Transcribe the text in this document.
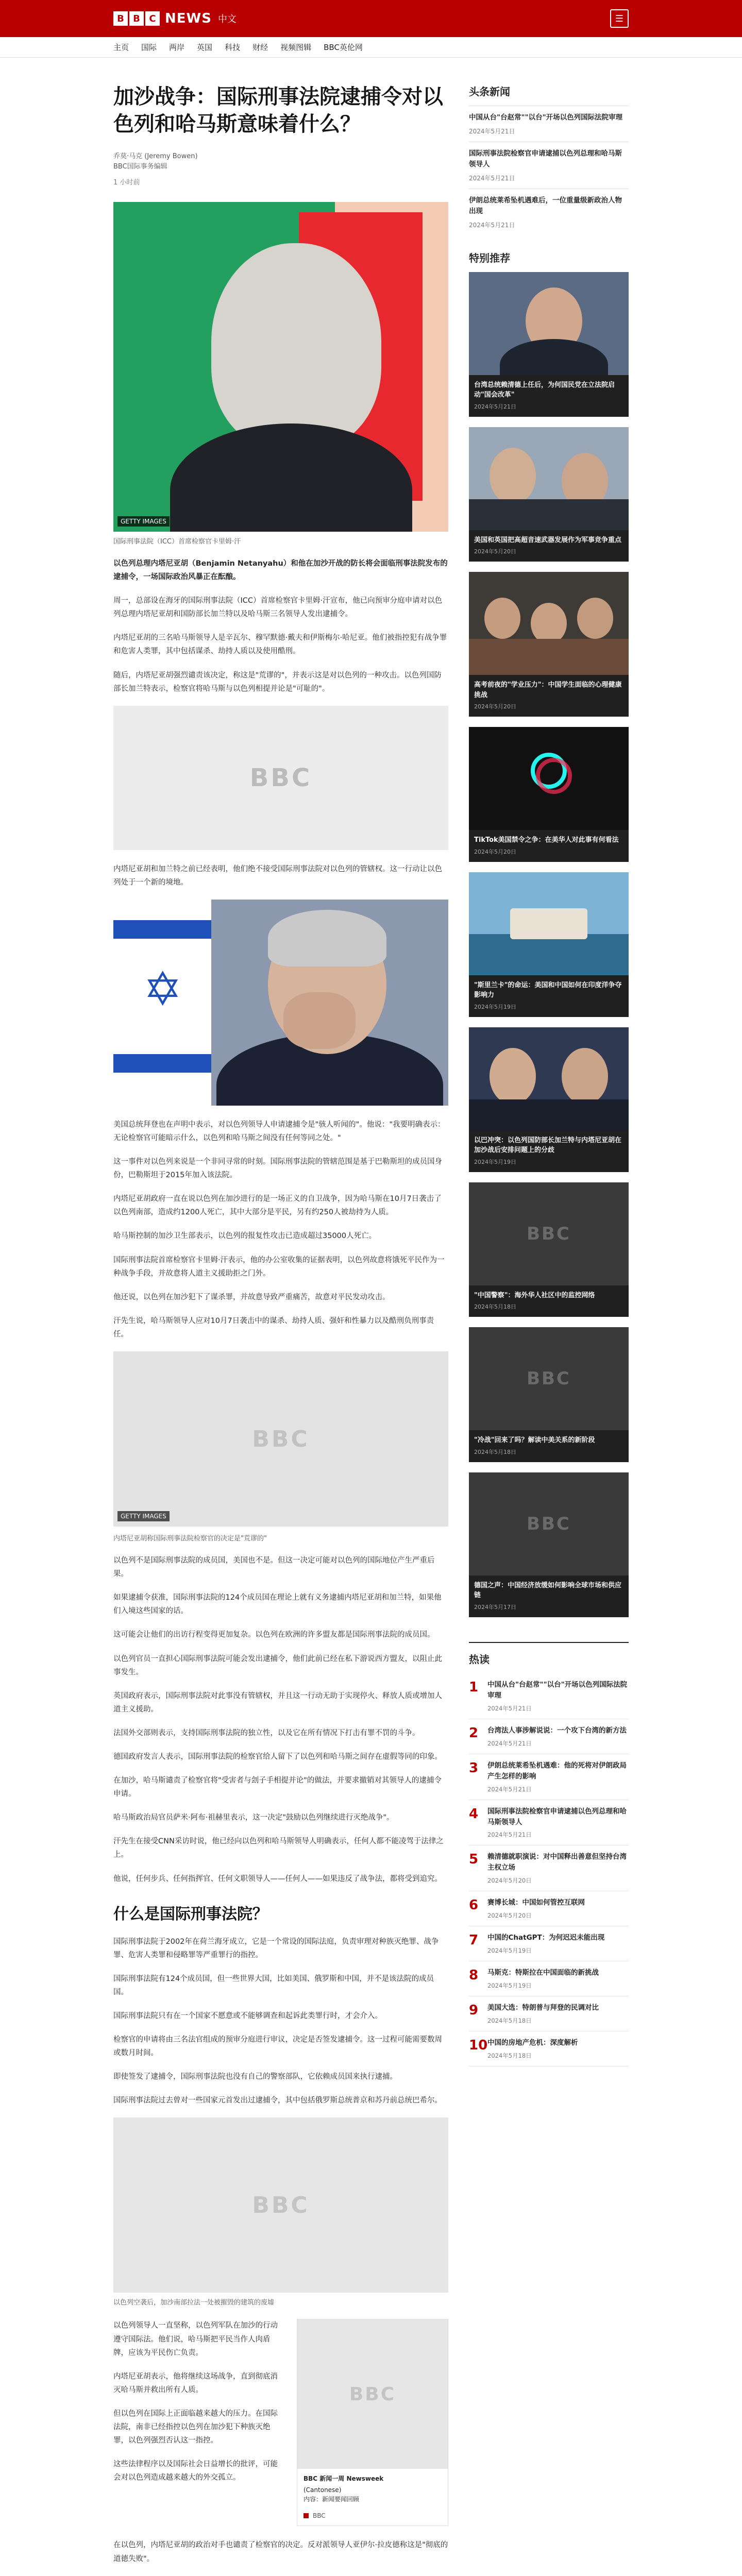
B B C NEWS 中文	☰
主页 国际 两岸 英国 科技 财经 视频图辑 BBC英伦网
加沙战争：国际刑事法院逮捕令对以色列和哈马斯意味着什么？
乔莫·马克 (Jeremy Bowen)
BBC国际事务编辑
1 小时前
GETTY IMAGES
国际刑事法院（ICC）首席检察官卡里姆·汗

以色列总理内塔尼亚胡（Benjamin Netanyahu）和他在加沙开战的防长将会面临刑事法院发布的逮捕令，一场国际政治风暴正在酝酿。

周一，总部设在海牙的国际刑事法院（ICC）首席检察官卡里姆·汗宣布，他已向预审分庭申请对以色列总理内塔尼亚胡和国防部长加兰特以及哈马斯三名领导人发出逮捕令。

内塔尼亚胡的三名哈马斯领导人是辛瓦尔、穆罕默德·戴夫和伊斯梅尔·哈尼亚。他们被指控犯有战争罪和危害人类罪，其中包括谋杀、劫持人质以及使用酷刑。

随后，内塔尼亚胡强烈谴责该决定，称这是"荒谬的"，并表示这是对以色列的一种攻击。以色列国防部长加兰特表示，检察官将哈马斯与以色列相提并论是"可耻的"。

BBC

内塔尼亚胡和加兰特之前已经表明，他们绝不接受国际刑事法院对以色列的管辖权。这一行动让以色列处于一个新的境地。

✡

美国总统拜登也在声明中表示，对以色列领导人申请逮捕令是"骇人听闻的"。他说："我要明确表示：无论检察官可能暗示什么，以色列和哈马斯之间没有任何等同之处。"

这一事件对以色列来说是一个非同寻常的时刻。国际刑事法院的管辖范围是基于巴勒斯坦的成员国身份，巴勒斯坦于2015年加入该法院。

内塔尼亚胡政府一直在说以色列在加沙进行的是一场正义的自卫战争，因为哈马斯在10月7日袭击了以色列南部，造成约1200人死亡，其中大部分是平民，另有约250人被劫持为人质。

哈马斯控制的加沙卫生部表示，以色列的报复性攻击已造成超过35000人死亡。

国际刑事法院首席检察官卡里姆·汗表示，他的办公室收集的证据表明，以色列故意将饿死平民作为一种战争手段，并故意将人道主义援助拒之门外。

他还说，以色列在加沙犯下了谋杀罪，并故意导致严重痛苦，故意对平民发动攻击。

汗先生说，哈马斯领导人应对10月7日袭击中的谋杀、劫持人质、强奸和性暴力以及酷刑负刑事责任。

BBC
GETTY IMAGES
内塔尼亚胡称国际刑事法院检察官的决定是"荒谬的"

以色列不是国际刑事法院的成员国，美国也不是。但这一决定可能对以色列的国际地位产生严重后果。

如果逮捕令获准，国际刑事法院的124个成员国在理论上就有义务逮捕内塔尼亚胡和加兰特，如果他们入境这些国家的话。

这可能会让他们的出访行程变得更加复杂。以色列在欧洲的许多盟友都是国际刑事法院的成员国。

以色列官员一直担心国际刑事法院可能会发出逮捕令，他们此前已经在私下游说西方盟友，以阻止此事发生。

英国政府表示，国际刑事法院对此事没有管辖权，并且这一行动无助于实现停火、释放人质或增加人道主义援助。

法国外交部则表示，支持国际刑事法院的独立性，以及它在所有情况下打击有罪不罚的斗争。

德国政府发言人表示，国际刑事法院的检察官给人留下了以色列和哈马斯之间存在虚假等同的印象。

在加沙，哈马斯谴责了检察官将"受害者与刽子手相提并论"的做法，并要求撤销对其领导人的逮捕令申请。

哈马斯政治局官员萨米·阿布·祖赫里表示，这一决定"鼓励以色列继续进行灭绝战争"。

汗先生在接受CNN采访时说，他已经向以色列和哈马斯领导人明确表示，任何人都不能凌驾于法律之上。

他说，任何步兵、任何指挥官、任何文职领导人——任何人——如果违反了战争法，都将受到追究。

什么是国际刑事法院？

国际刑事法院于2002年在荷兰海牙成立，它是一个常设的国际法庭，负责审理对种族灭绝罪、战争罪、危害人类罪和侵略罪等严重罪行的指控。

国际刑事法院有124个成员国，但一些世界大国，比如美国、俄罗斯和中国，并不是该法院的成员国。

国际刑事法院只有在一个国家不愿意或不能够调查和起诉此类罪行时，才会介入。

检察官的申请将由三名法官组成的预审分庭进行审议，决定是否签发逮捕令。这一过程可能需要数周或数月时间。

即使签发了逮捕令，国际刑事法院也没有自己的警察部队，它依赖成员国来执行逮捕。

国际刑事法院过去曾对一些国家元首发出过逮捕令，其中包括俄罗斯总统普京和苏丹前总统巴希尔。

BBC
以色列空袭后，加沙南部拉法一处被摧毁的建筑的废墟

以色列领导人一直坚称，以色列军队在加沙的行动遵守国际法。他们说，哈马斯把平民当作人肉盾牌，应该为平民伤亡负责。

内塔尼亚胡表示，他将继续这场战争，直到彻底消灭哈马斯并救出所有人质。

但以色列在国际上正面临越来越大的压力。在国际法院，南非已经指控以色列在加沙犯下种族灭绝罪，以色列强烈否认这一指控。

这些法律程序以及国际社会日益增长的批评，可能会对以色列造成越来越大的外交孤立。

BBC
BBC 新闻一周 Newsweek
(Cantonese)
内容：新闻要闻回顾
BBC

在以色列，内塔尼亚胡的政治对手也谴责了检察官的决定。反对派领导人亚伊尔·拉皮德称这是"彻底的道德失败"。

头条新闻
中国从台"台赵常""以台"开场以色列国际法院审理
2024年5月21日
国际刑事法院检察官申请逮捕以色列总理和哈马斯领导人
2024年5月21日
伊朗总统莱希坠机遇难后，一位重量级新政治人物出现
2024年5月21日
特别推荐
台湾总统赖清德上任后，为何国民党在立法院启动"国会改革"
2024年5月21日
美国和英国把高超音速武器发展作为军事竞争重点
2024年5月20日
高考前夜的"学业压力"：中国学生面临的心理健康挑战
2024年5月20日
TikTok美国禁令之争：在美华人对此事有何看法
2024年5月20日
"斯里兰卡"的命运：美国和中国如何在印度洋争夺影响力
2024年5月19日
以巴冲突：以色列国防部长加兰特与内塔尼亚胡在加沙战后安排问题上的分歧
2024年5月19日
BBC
"中国警察"：海外华人社区中的监控网络
2024年5月18日
BBC
"冷战"回来了吗？解读中美关系的新阶段
2024年5月18日
BBC
德国之声：中国经济放缓如何影响全球市场和供应链
2024年5月17日
热读
1	中国从台"台赵常""以台"开场以色列国际法院审理
2024年5月21日
2	台湾法人事涉解说说：一个攻下台湾的新方法
2024年5月21日
3	伊朗总统莱希坠机遇难：他的死将对伊朗政局产生怎样的影响
2024年5月21日
4	国际刑事法院检察官申请逮捕以色列总理和哈马斯领导人
2024年5月21日
5	赖清德就职演说：对中国释出善意但坚持台湾主权立场
2024年5月20日
6	赛博长城：中国如何管控互联网
2024年5月20日
7	中国的ChatGPT：为何迟迟未能出现
2024年5月19日
8	马斯克：特斯拉在中国面临的新挑战
2024年5月19日
9	美国大选：特朗普与拜登的民调对比
2024年5月18日
10 中国的房地产危机：深度解析
2024年5月18日
